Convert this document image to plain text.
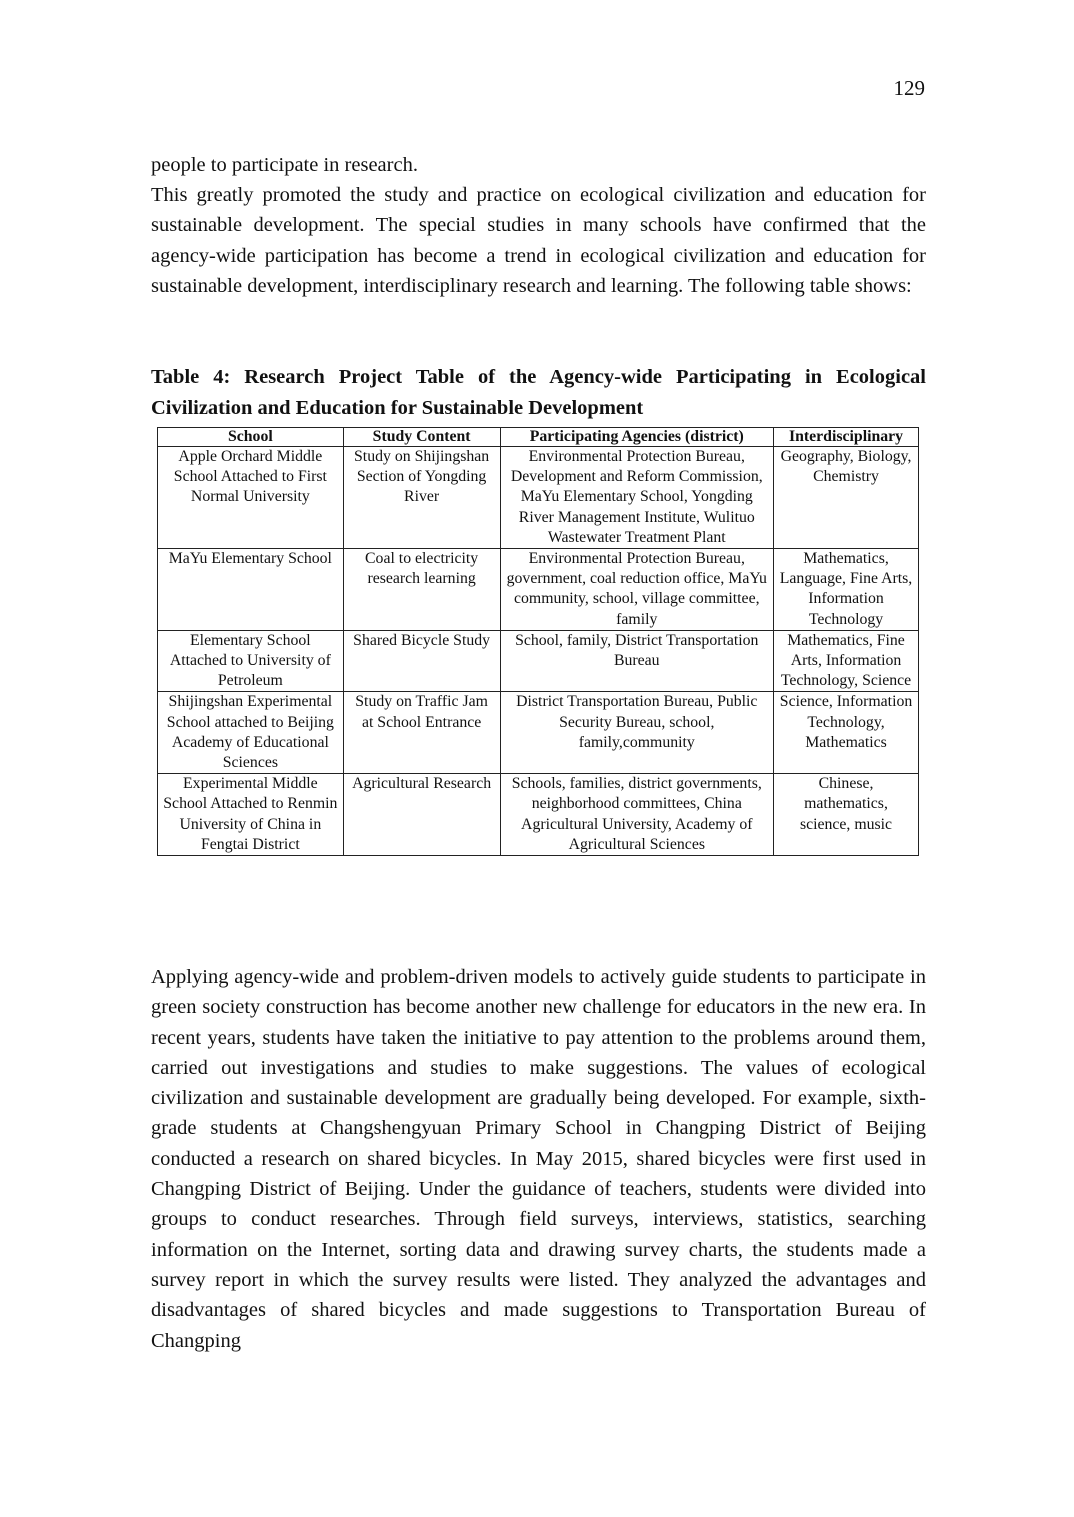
129

people to participate in research.

This greatly promoted the study and practice on ecological civilization and education for sustainable development. The special studies in many schools have confirmed that the agency-wide participation has become a trend in ecological civilization and education for sustainable development, interdisciplinary research and learning. The following table shows:

Table 4: Research Project Table of the Agency-wide Participating in Ecological Civilization and Education for Sustainable Development

School	Study Content	Participating Agencies (district)	Interdisciplinary
Apple Orchard Middle School Attached to First Normal University	Study on Shijingshan Section of Yongding River	Environmental Protection Bureau, Development and Reform Commission, MaYu Elementary School, Yongding River Management Institute, Wulituo Wastewater Treatment Plant	Geography, Biology, Chemistry
MaYu Elementary School	Coal to electricity research learning	Environmental Protection Bureau, government, coal reduction office, MaYu community, school, village committee, family	Mathematics, Language, Fine Arts, Information Technology
Elementary School Attached to University of Petroleum	Shared Bicycle Study	School, family, District Transportation Bureau	Mathematics, Fine Arts, Information Technology, Science
Shijingshan Experimental School attached to Beijing Academy of Educational Sciences	Study on Traffic Jam at School Entrance	District Transportation Bureau, Public Security Bureau, school, family,community	Science, Information Technology, Mathematics
Experimental Middle School Attached to Renmin University of China in Fengtai District	Agricultural Research	Schools, families, district governments, neighborhood committees, China Agricultural University, Academy of Agricultural Sciences	Chinese, mathematics, science, music

Applying agency-wide and problem-driven models to actively guide students to participate in green society construction has become another new challenge for educators in the new era. In recent years, students have taken the initiative to pay attention to the problems around them, carried out investigations and studies to make suggestions. The values of ecological civilization and sustainable development are gradually being developed. For example, sixth-grade students at Changshengyuan Primary School in Changping District of Beijing conducted a research on shared bicycles. In May 2015, shared bicycles were first used in Changping District of Beijing. Under the guidance of teachers, students were divided into groups to conduct researches. Through field surveys, interviews, statistics, searching information on the Internet, sorting data and drawing survey charts, the students made a survey report in which the survey results were listed. They analyzed the advantages and disadvantages of shared bicycles and made suggestions to Transportation Bureau of Changping
